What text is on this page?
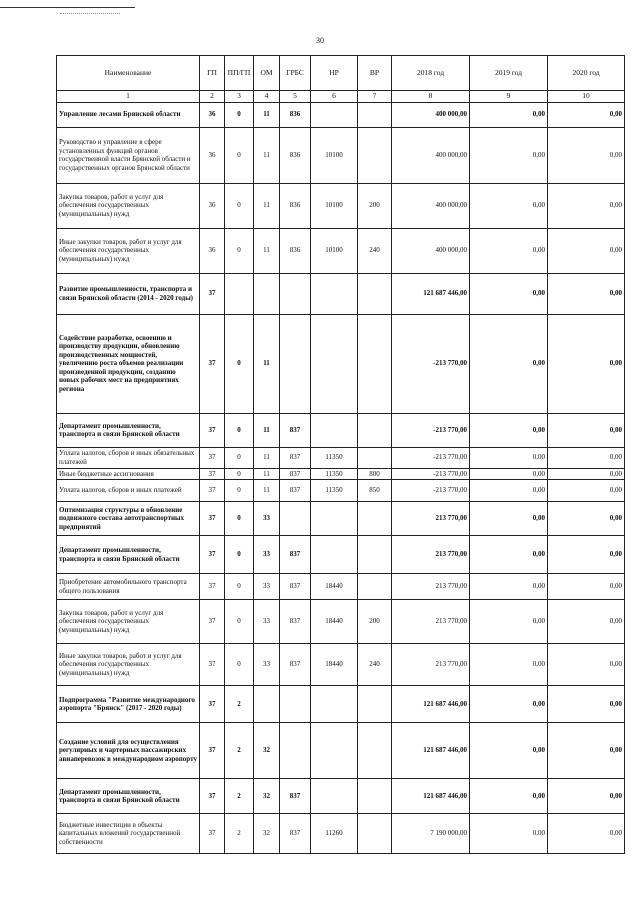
30
Наименование	ГП	ПП/ГП	ОМ	ГРБС	НР	ВР	2018 год	2019 год	2020 год
1	2	3	4	5	6	7	8	9	10
Управление лесами Брянской области	36	0	11	836			400 000,00	0,00	0,00
Руководство и управление в сфере установленных функций органов государственной власти Брянской области и государственных органов Брянской области	36	0	11	836	10100		400 000,00	0,00	0,00
Закупка товаров, работ и услуг для обеспечения государственных (муниципальных) нужд	36	0	11	836	10100	200	400 000,00	0,00	0,00
Иные закупки товаров, работ и услуг для обеспечения государственных (муниципальных) нужд	36	0	11	836	10100	240	400 000,00	0,00	0,00
Развитие промышленности, транспорта и связи Брянской области (2014 - 2020 годы)	37						121 687 446,00	0,00	0,00
Содействие разработке, освоению и производству продукции, обновлению производственных мощностей, увеличению роста объемов реализации произведенной продукции, созданию новых рабочих мест на предприятиях региона	37	0	11				-213 770,00	0,00	0,00
Департамент промышленности, транспорта и связи Брянской области	37	0	11	837			-213 770,00	0,00	0,00
Уплата налогов, сборов и иных обязательных платежей	37	0	11	837	11350		-213 770,00	0,00	0,00
Иные бюджетные ассигнования	37	0	11	837	11350	800	-213 770,00	0,00	0,00
Уплата налогов, сборов и иных платежей	37	0	11	837	11350	850	-213 770,00	0,00	0,00
Оптимизация структуры в обновление подвижного состава автотранспортных предприятий	37	0	33				213 770,00	0,00	0,00
Департамент промышленности, транспорта и связи Брянской области	37	0	33	837			213 770,00	0,00	0,00
Приобретение автомобильного транспорта общего пользования	37	0	33	837	18440		213 770,00	0,00	0,00
Закупка товаров, работ и услуг для обеспечения государственных (муниципальных) нужд	37	0	33	837	18440	200	213 770,00	0,00	0,00
Иные закупки товаров, работ и услуг для обеспечения государственных (муниципальных) нужд	37	0	33	837	18440	240	213 770,00	0,00	0,00
Подпрограмма "Развитие международного аэропорта "Брянск" (2017 - 2020 годы)	37	2					121 687 446,00	0,00	0,00
Создание условий для осуществления регулярных и чартерных пассажирских авиаперевозок в международном аэропорту	37	2	32				121 687 446,00	0,00	0,00
Департамент промышленности, транспорта и связи Брянской области	37	2	32	837			121 687 446,00	0,00	0,00
Бюджетные инвестиции в объекты капитальных вложений государственной собственности	37	2	32	837	11260		7 190 000,00	0,00	0,00
